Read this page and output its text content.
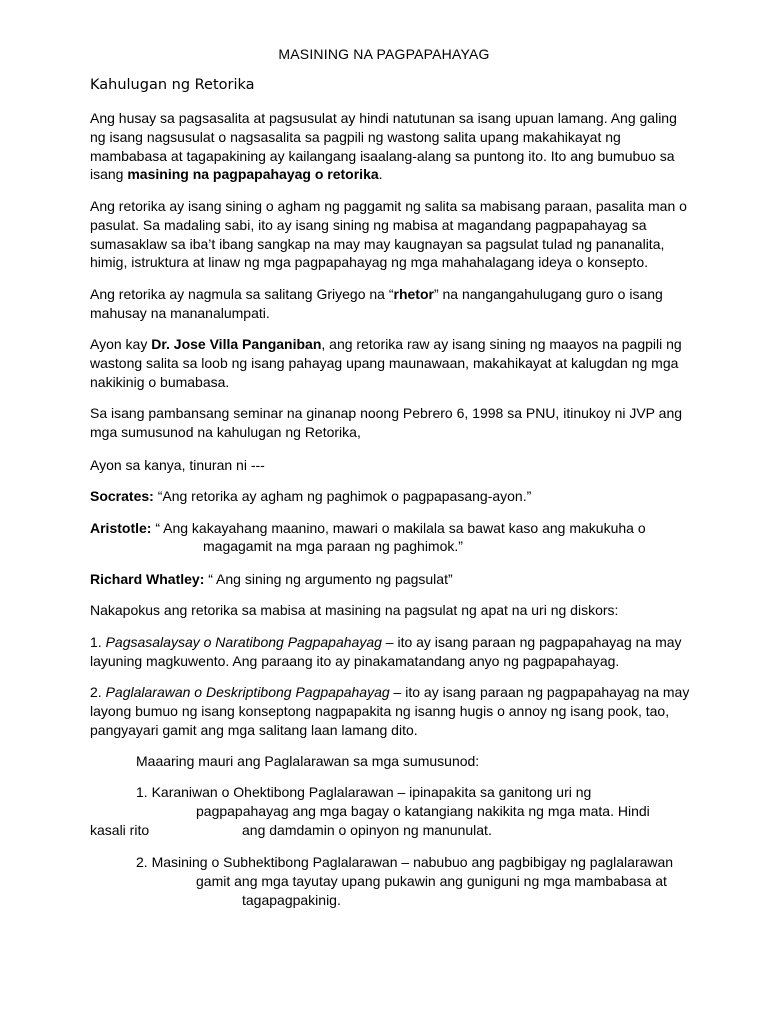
MASINING NA PAGPAPAHAYAG
Kahulugan ng Retorika

Ang husay sa pagsasalita at pagsusulat ay hindi natutunan sa isang upuan lamang. Ang galing ng isang nagsusulat o nagsasalita sa pagpili ng wastong salita upang makahikayat ng mambabasa at tagapakining ay kailangang isaalang-alang sa puntong ito. Ito ang bumubuo sa isang masining na pagpapahayag o retorika.

Ang retorika ay isang sining o agham ng paggamit ng salita sa mabisang paraan, pasalita man o pasulat. Sa madaling sabi, ito ay isang sining ng mabisa at magandang pagpapahayag sa sumasaklaw sa iba’t ibang sangkap na may may kaugnayan sa pagsulat tulad ng pananalita, himig, istruktura at linaw ng mga pagpapahayag ng mga mahahalagang ideya o konsepto.

Ang retorika ay nagmula sa salitang Griyego na “rhetor” na nangangahulugang guro o isang mahusay na mananalumpati.

Ayon kay Dr. Jose Villa Panganiban, ang retorika raw ay isang sining ng maayos na pagpili ng wastong salita sa loob ng isang pahayag upang maunawaan, makahikayat at kalugdan ng mga nakikinig o bumabasa.

Sa isang pambansang seminar na ginanap noong Pebrero 6, 1998 sa PNU, itinukoy ni JVP ang mga sumusunod na kahulugan ng Retorika,

Ayon sa kanya, tinuran ni ---

Socrates: “Ang retorika ay agham ng paghimok o pagpapasang-ayon.”

Aristotle: “ Ang kakayahang maanino, mawari o makilala sa bawat kaso ang makukuha o

magagamit na mga paraan ng paghimok.”

Richard Whatley: “ Ang sining ng argumento ng pagsulat”

Nakapokus ang retorika sa mabisa at masining na pagsulat ng apat na uri ng diskors:

1. Pagsasalaysay o Naratibong Pagpapahayag – ito ay isang paraan ng pagpapahayag na may layuning magkuwento. Ang paraang ito ay pinakamatandang anyo ng pagpapahayag.

2. Paglalarawan o Deskriptibong Pagpapahayag – ito ay isang paraan ng pagpapahayag na may layong bumuo ng isang konseptong nagpapakita ng isanng hugis o annoy ng isang pook, tao, pangyayari gamit ang mga salitang laan lamang dito.

Maaaring mauri ang Paglalarawan sa mga sumusunod:
1. Karaniwan o Ohektibong Paglalarawan – ipinapakita sa ganitong uri ng
pagpapahayag ang mga bagay o katangiang nakikita ng mga mata. Hindi
kasali rito	ang damdamin o opinyon ng manunulat.
2. Masining o Subhektibong Paglalarawan – nabubuo ang pagbibigay ng paglalarawan
gamit ang mga tayutay upang pukawin ang guniguni ng mga mambabasa at
tagapagpakinig.
